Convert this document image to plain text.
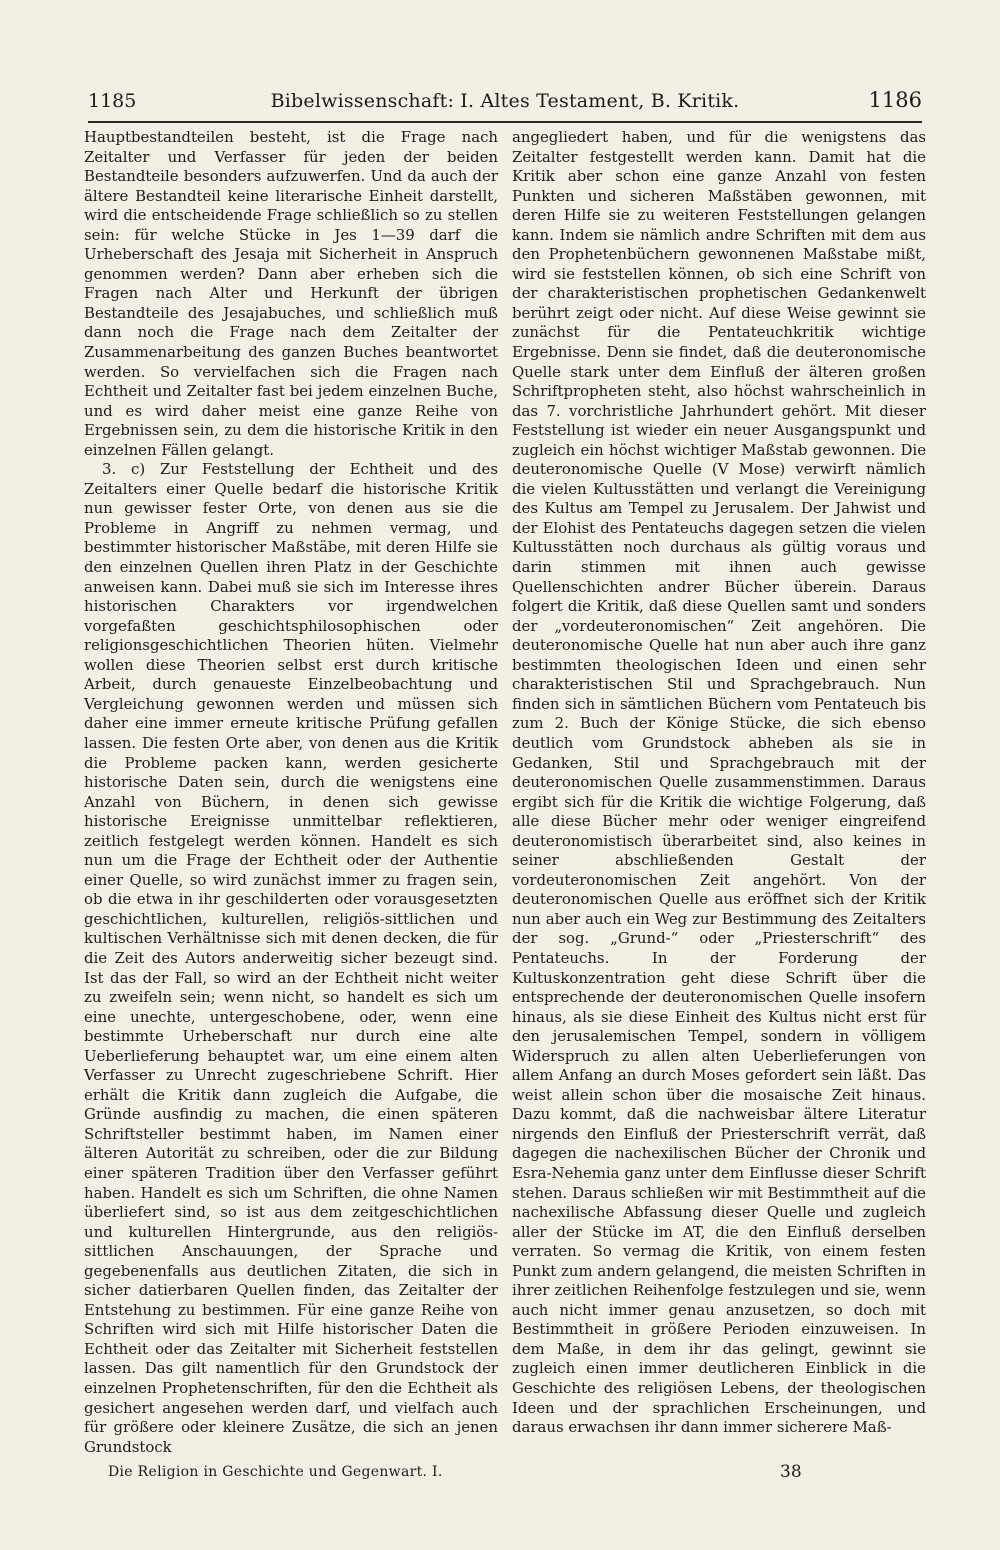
1185	Bibelwissenschaft: I. Altes Testament, B. Kritik.	1186

Hauptbestandteilen besteht, ist die Frage nach Zeitalter und Verfasser für jeden der beiden Bestandteile besonders aufzuwerfen. Und da auch der ältere Bestandteil keine literarische Einheit darstellt, wird die entscheidende Frage schließlich so zu stellen sein: für welche Stücke in Jes 1—39 darf die Urheberschaft des Jesaja mit Sicherheit in Anspruch genommen werden? Dann aber erheben sich die Fragen nach Alter und Herkunft der übrigen Bestandteile des Jesajabuches, und schließlich muß dann noch die Frage nach dem Zeitalter der Zusammenarbeitung des ganzen Buches beantwortet werden. So vervielfachen sich die Fragen nach Echtheit und Zeitalter fast bei jedem einzelnen Buche, und es wird daher meist eine ganze Reihe von Ergebnissen sein, zu dem die historische Kritik in den einzelnen Fällen gelangt.

3. c) Zur Feststellung der Echtheit und des Zeitalters einer Quelle bedarf die historische Kritik nun gewisser fester Orte, von denen aus sie die Probleme in Angriff zu nehmen vermag, und bestimmter historischer Maßstäbe, mit deren Hilfe sie den einzelnen Quellen ihren Platz in der Geschichte anweisen kann. Dabei muß sie sich im Interesse ihres historischen Charakters vor irgendwelchen vorgefaßten geschichtsphilosophischen oder religionsgeschichtlichen Theorien hüten. Vielmehr wollen diese Theorien selbst erst durch kritische Arbeit, durch genaueste Einzelbeobachtung und Vergleichung gewonnen werden und müssen sich daher eine immer erneute kritische Prüfung gefallen lassen. Die festen Orte aber, von denen aus die Kritik die Probleme packen kann, werden gesicherte historische Daten sein, durch die wenigstens eine Anzahl von Büchern, in denen sich gewisse historische Ereignisse unmittelbar reflektieren, zeitlich festgelegt werden können. Handelt es sich nun um die Frage der Echtheit oder der Authentie einer Quelle, so wird zunächst immer zu fragen sein, ob die etwa in ihr geschilderten oder vorausgesetzten geschichtlichen, kulturellen, religiös-sittlichen und kultischen Verhältnisse sich mit denen decken, die für die Zeit des Autors anderweitig sicher bezeugt sind. Ist das der Fall, so wird an der Echtheit nicht weiter zu zweifeln sein; wenn nicht, so handelt es sich um eine unechte, untergeschobene, oder, wenn eine bestimmte Urheberschaft nur durch eine alte Ueberlieferung behauptet war, um eine einem alten Verfasser zu Unrecht zugeschriebene Schrift. Hier erhält die Kritik dann zugleich die Aufgabe, die Gründe ausfindig zu machen, die einen späteren Schriftsteller bestimmt haben, im Namen einer älteren Autorität zu schreiben, oder die zur Bildung einer späteren Tradition über den Verfasser geführt haben. Handelt es sich um Schriften, die ohne Namen überliefert sind, so ist aus dem zeitgeschichtlichen und kulturellen Hintergrunde, aus den religiös-sittlichen Anschauungen, der Sprache und gegebenenfalls aus deutlichen Zitaten, die sich in sicher datierbaren Quellen finden, das Zeitalter der Entstehung zu bestimmen. Für eine ganze Reihe von Schriften wird sich mit Hilfe historischer Daten die Echtheit oder das Zeitalter mit Sicherheit feststellen lassen. Das gilt namentlich für den Grundstock der einzelnen Prophetenschriften, für den die Echtheit als gesichert angesehen werden darf, und vielfach auch für größere oder kleinere Zusätze, die sich an jenen Grundstock

angegliedert haben, und für die wenigstens das Zeitalter festgestellt werden kann. Damit hat die Kritik aber schon eine ganze Anzahl von festen Punkten und sicheren Maßstäben gewonnen, mit deren Hilfe sie zu weiteren Feststellungen gelangen kann. Indem sie nämlich andre Schriften mit dem aus den Prophetenbüchern gewonnenen Maßstabe mißt, wird sie feststellen können, ob sich eine Schrift von der charakteristischen prophetischen Gedankenwelt berührt zeigt oder nicht. Auf diese Weise gewinnt sie zunächst für die Pentateuchkritik wichtige Ergebnisse. Denn sie findet, daß die deuteronomische Quelle stark unter dem Einfluß der älteren großen Schriftpropheten steht, also höchst wahrscheinlich in das 7. vorchristliche Jahrhundert gehört. Mit dieser Feststellung ist wieder ein neuer Ausgangspunkt und zugleich ein höchst wichtiger Maßstab gewonnen. Die deuteronomische Quelle (V Mose) verwirft nämlich die vielen Kultusstätten und verlangt die Vereinigung des Kultus am Tempel zu Jerusalem. Der Jahwist und der Elohist des Pentateuchs dagegen setzen die vielen Kultusstätten noch durchaus als gültig voraus und darin stimmen mit ihnen auch gewisse Quellenschichten andrer Bücher überein. Daraus folgert die Kritik, daß diese Quellen samt und sonders der „vordeuteronomischen“ Zeit angehören. Die deuteronomische Quelle hat nun aber auch ihre ganz bestimmten theologischen Ideen und einen sehr charakteristischen Stil und Sprachgebrauch. Nun finden sich in sämtlichen Büchern vom Pentateuch bis zum 2. Buch der Könige Stücke, die sich ebenso deutlich vom Grundstock abheben als sie in Gedanken, Stil und Sprachgebrauch mit der deuteronomischen Quelle zusammenstimmen. Daraus ergibt sich für die Kritik die wichtige Folgerung, daß alle diese Bücher mehr oder weniger eingreifend deuteronomistisch überarbeitet sind, also keines in seiner abschließenden Gestalt der vordeuteronomischen Zeit angehört. Von der deuteronomischen Quelle aus eröffnet sich der Kritik nun aber auch ein Weg zur Bestimmung des Zeitalters der sog. „Grund-“ oder „Priesterschrift“ des Pentateuchs. In der Forderung der Kultuskonzentration geht diese Schrift über die entsprechende der deuteronomischen Quelle insofern hinaus, als sie diese Einheit des Kultus nicht erst für den jerusalemischen Tempel, sondern in völligem Widerspruch zu allen alten Ueberlieferungen von allem Anfang an durch Moses gefordert sein läßt. Das weist allein schon über die mosaische Zeit hinaus. Dazu kommt, daß die nachweisbar ältere Literatur nirgends den Einfluß der Priesterschrift verrät, daß dagegen die nachexilischen Bücher der Chronik und Esra-Nehemia ganz unter dem Einflusse dieser Schrift stehen. Daraus schließen wir mit Bestimmtheit auf die nachexilische Abfassung dieser Quelle und zugleich aller der Stücke im AT, die den Einfluß derselben verraten. So vermag die Kritik, von einem festen Punkt zum andern gelangend, die meisten Schriften in ihrer zeitlichen Reihenfolge festzulegen und sie, wenn auch nicht immer genau anzusetzen, so doch mit Bestimmtheit in größere Perioden einzuweisen. In dem Maße, in dem ihr das gelingt, gewinnt sie zugleich einen immer deutlicheren Einblick in die Geschichte des religiösen Lebens, der theologischen Ideen und der sprachlichen Erscheinungen, und daraus erwachsen ihr dann immer sicherere Maß-

Die Religion in Geschichte und Gegenwart. I.	38
